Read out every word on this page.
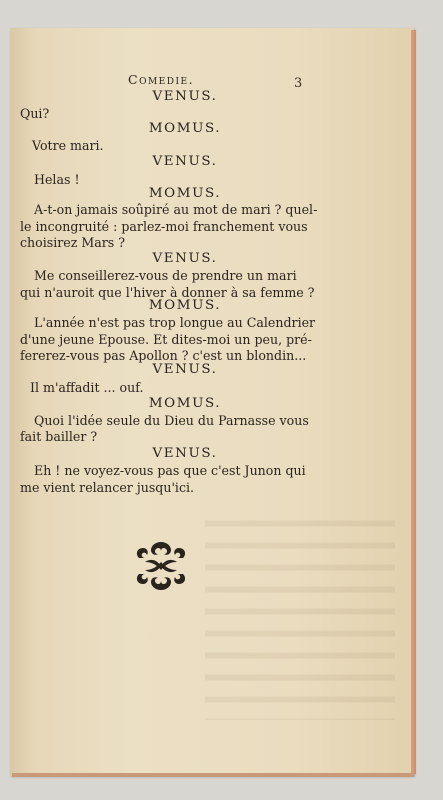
Comedie.	3
VENUS.
Qui?
MOMUS.
Votre mari.
VENUS.
Helas !
MOMUS.
A-t-on jamais soûpiré au mot de mari ? quel-
le incongruité : parlez-moi franchement vous
choisirez Mars ?
VENUS.
Me conseillerez-vous de prendre un mari
qui n'auroit que l'hiver à donner à sa femme ?
MOMUS.
L'année n'est pas trop longue au Calendrier
d'une jeune Epouse. Et dites-moi un peu, pré-
fererez-vous pas Apollon ? c'est un blondin...
VENUS.
Il m'affadit ... ouf.
MOMUS.
Quoi l'idée seule du Dieu du Parnasse vous
fait bailler ?
VENUS.
Eh ! ne voyez-vous pas que c'est Junon qui
me vient relancer jusqu'ici.
